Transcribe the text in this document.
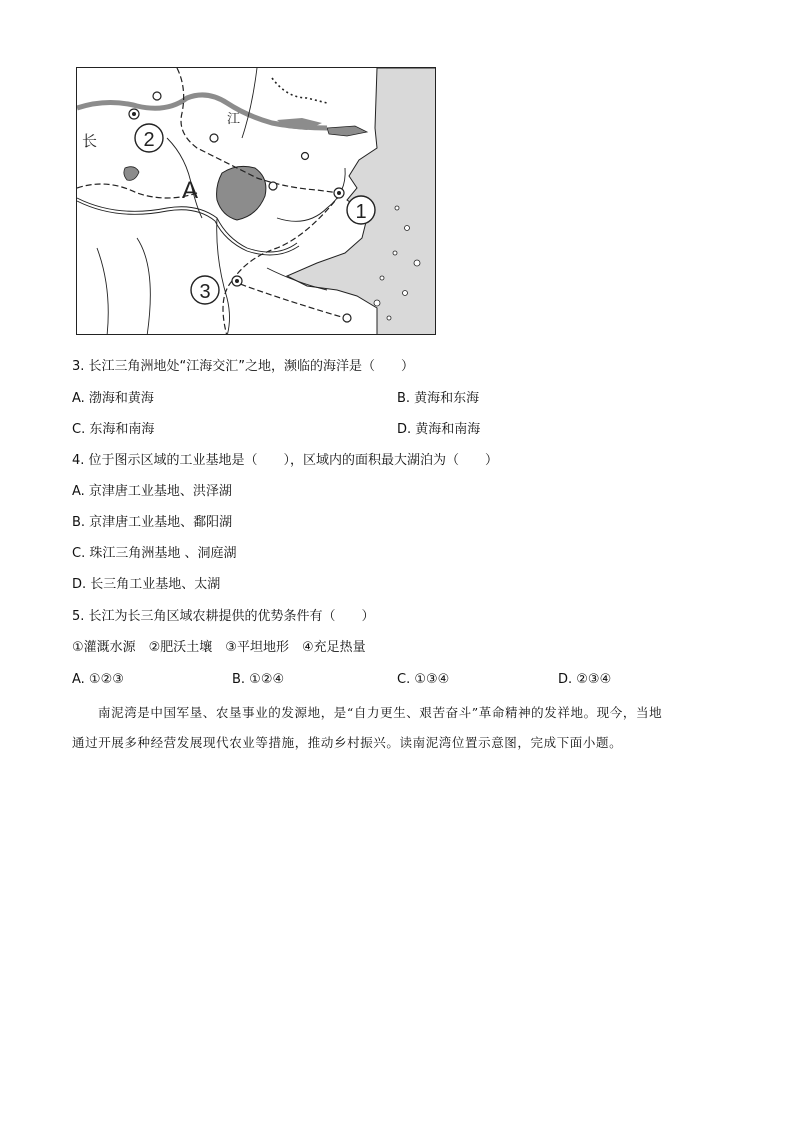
长
江
A
2
1
3
3. 长江三角洲地处“江海交汇”之地，濒临的海洋是（　　）
A. 渤海和黄海	B. 黄海和东海
C. 东海和南海	D. 黄海和南海
4. 位于图示区域的工业基地是（　　），区域内的面积最大湖泊为（　　）
A. 京津唐工业基地、洪泽湖
B. 京津唐工业基地、鄱阳湖
C. 珠江三角洲基地 、洞庭湖
D. 长三角工业基地、太湖
5. 长江为长三角区域农耕提供的优势条件有（　　）
①灌溉水源　②肥沃土壤　③平坦地形　④充足热量
A. ①②③	B. ①②④	C. ①③④	D. ②③④

南泥湾是中国军垦、农垦事业的发源地，是“自力更生、艰苦奋斗”革命精神的发祥地。现今，当地

通过开展多种经营发展现代农业等措施，推动乡村振兴。读南泥湾位置示意图，完成下面小题。
